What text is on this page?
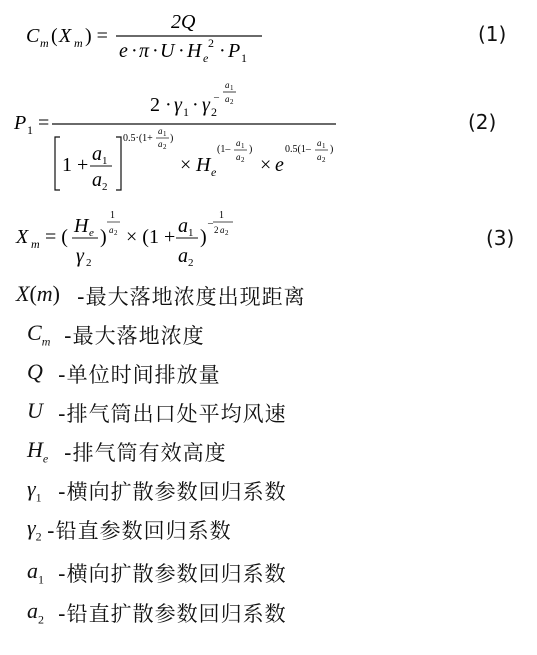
C m ( X m ) =
2Q
e · π · U · H e
2 · P 1
(1)
P 1 =
2 · γ 1 · γ 2
–
a 1
a 2
1 + a 1
a 2
0.5·(1+
a 1
a 2
)
× H e
(1–
a 1
a 2
)
× e
0.5(1–
a 1
a 2
)
(2)
X m = ( H e
γ 2
)
1
a 2 × (1 + a 1
a 2
)
–
1
2 a 2	(3)
X(m) -最大落地浓度出现距离
$C_m$ -最大落地浓度
Q -单位时间排放量
U -排气筒出口处平均风速
$H_e$ -排气筒有效高度
$\gamma_1$ -横向扩散参数回归系数
$\gamma_2$ -铅直参数回归系数
$a_1$ -横向扩散参数回归系数
$a_2$ -铅直扩散参数回归系数
